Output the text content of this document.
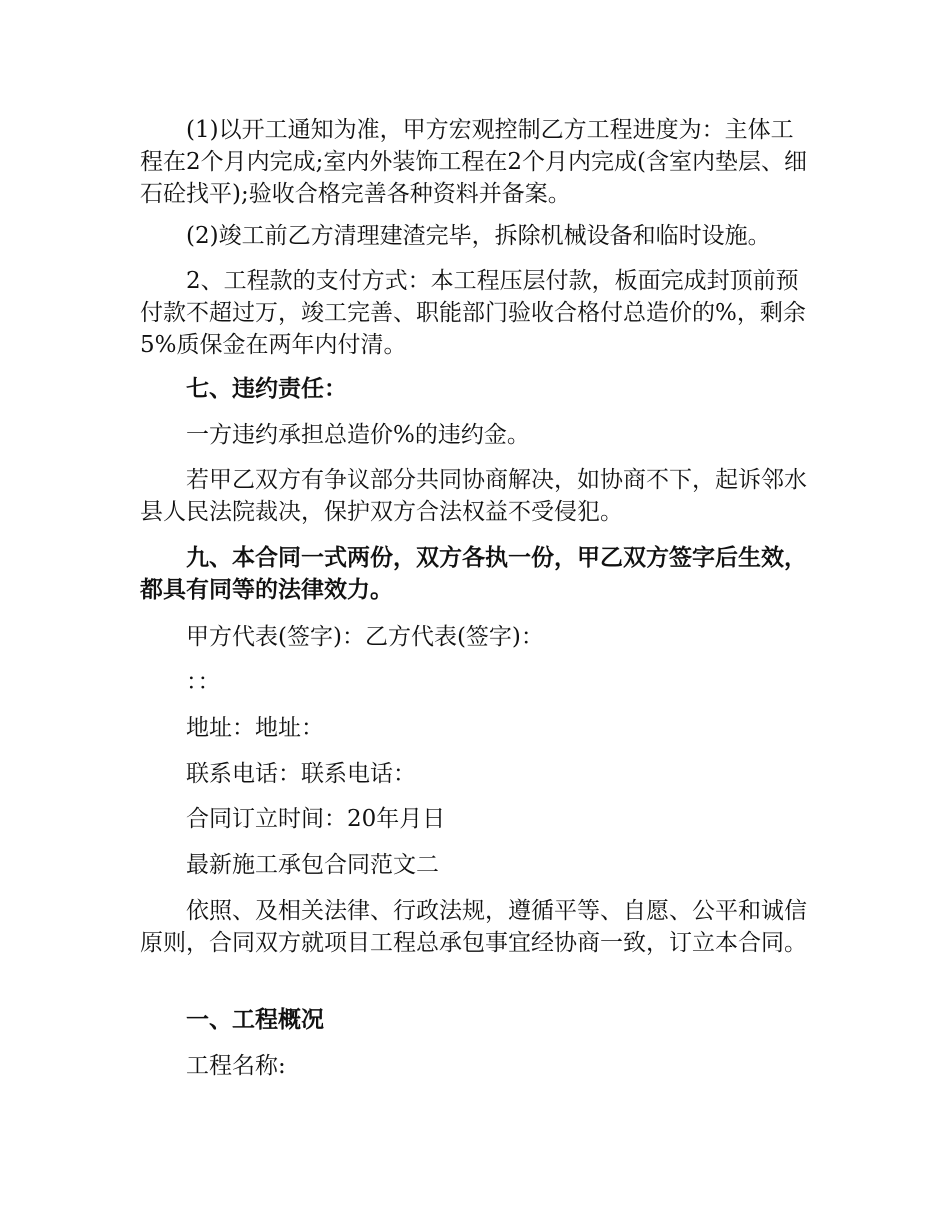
(1)以开工通知为准，甲方宏观控制乙方工程进度为：主体工程在2个月内完成;室内外装饰工程在2个月内完成(含室内垫层、细石砼找平);验收合格完善各种资料并备案。

(2)竣工前乙方清理建渣完毕，拆除机械设备和临时设施。

2、工程款的支付方式：本工程压层付款，板面完成封顶前预付款不超过万，竣工完善、职能部门验收合格付总造价的%，剩余5%质保金在两年内付清。

七、违约责任：

一方违约承担总造价%的违约金。

若甲乙双方有争议部分共同协商解决，如协商不下，起诉邻水县人民法院裁决，保护双方合法权益不受侵犯。

九、本合同一式两份，双方各执一份，甲乙双方签字后生效，都具有同等的法律效力。

甲方代表(签字)：乙方代表(签字)：

：：

地址：地址：

联系电话：联系电话：

合同订立时间：20年月日

最新施工承包合同范文二

依照、及相关法律、行政法规，遵循平等、自愿、公平和诚信原则，合同双方就项目工程总承包事宜经协商一致，订立本合同。

一、工程概况

工程名称:
